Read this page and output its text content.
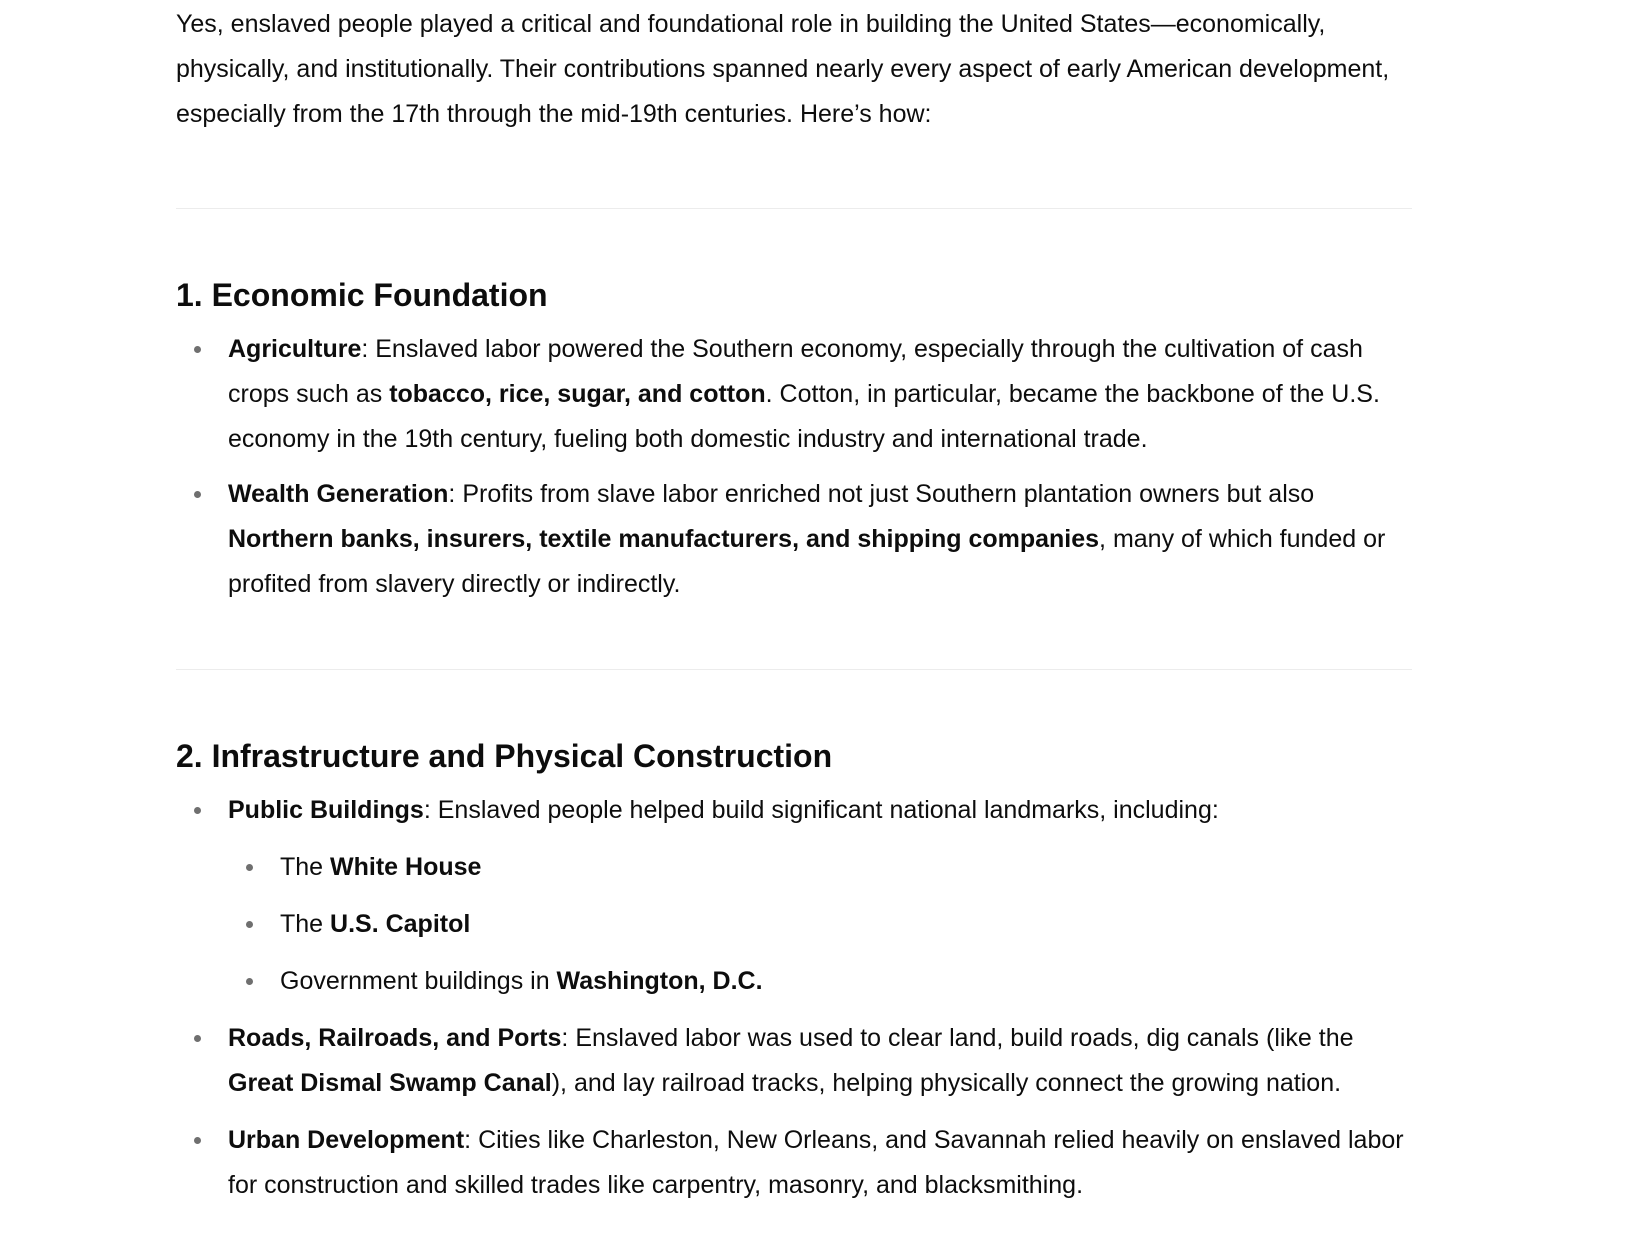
Yes, enslaved people played a critical and foundational role in building the United States—economically, physically, and institutionally. Their contributions spanned nearly every aspect of early American development, especially from the 17th through the mid-19th centuries. Here’s how:

1. Economic Foundation
Agriculture: Enslaved labor powered the Southern economy, especially through the cultivation of cash crops such as tobacco, rice, sugar, and cotton. Cotton, in particular, became the backbone of the U.S. economy in the 19th century, fueling both domestic industry and international trade.
Wealth Generation: Profits from slave labor enriched not just Southern plantation owners but also Northern banks, insurers, textile manufacturers, and shipping companies, many of which funded or profited from slavery directly or indirectly.
2. Infrastructure and Physical Construction
Public Buildings: Enslaved people helped build significant national landmarks, including:
The White House
The U.S. Capitol
Government buildings in Washington, D.C.
Roads, Railroads, and Ports: Enslaved labor was used to clear land, build roads, dig canals (like the Great Dismal Swamp Canal), and lay railroad tracks, helping physically connect the growing nation.
Urban Development: Cities like Charleston, New Orleans, and Savannah relied heavily on enslaved labor for construction and skilled trades like carpentry, masonry, and blacksmithing.
